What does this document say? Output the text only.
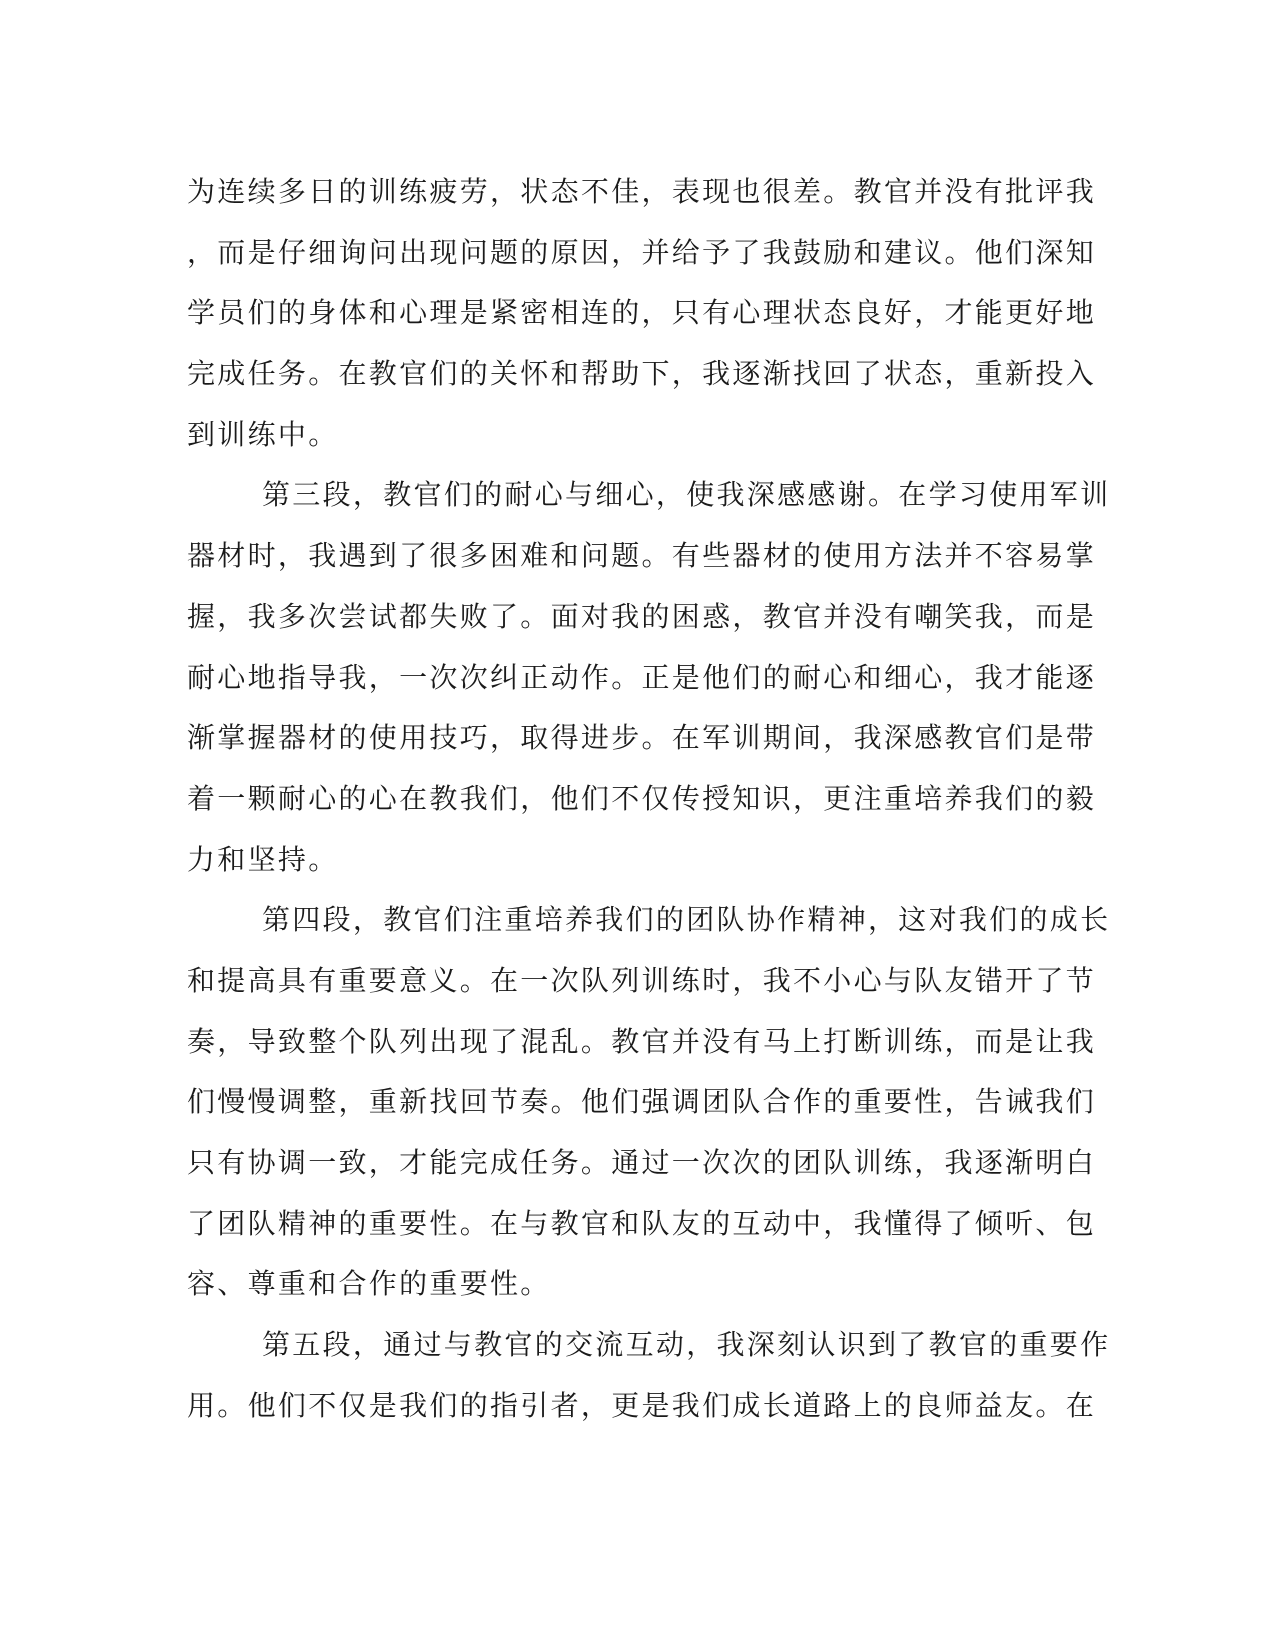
为连续多日的训练疲劳，状态不佳，表现也很差。教官并没有批评我
，而是仔细询问出现问题的原因，并给予了我鼓励和建议。他们深知
学员们的身体和心理是紧密相连的，只有心理状态良好，才能更好地
完成任务。在教官们的关怀和帮助下，我逐渐找回了状态，重新投入
到训练中。
第三段，教官们的耐心与细心，使我深感感谢。在学习使用军训
器材时，我遇到了很多困难和问题。有些器材的使用方法并不容易掌
握，我多次尝试都失败了。面对我的困惑，教官并没有嘲笑我，而是
耐心地指导我，一次次纠正动作。正是他们的耐心和细心，我才能逐
渐掌握器材的使用技巧，取得进步。在军训期间，我深感教官们是带
着一颗耐心的心在教我们，他们不仅传授知识，更注重培养我们的毅
力和坚持。
第四段，教官们注重培养我们的团队协作精神，这对我们的成长
和提高具有重要意义。在一次队列训练时，我不小心与队友错开了节
奏，导致整个队列出现了混乱。教官并没有马上打断训练，而是让我
们慢慢调整，重新找回节奏。他们强调团队合作的重要性，告诫我们
只有协调一致，才能完成任务。通过一次次的团队训练，我逐渐明白
了团队精神的重要性。在与教官和队友的互动中，我懂得了倾听、包
容、尊重和合作的重要性。
第五段，通过与教官的交流互动，我深刻认识到了教官的重要作
用。他们不仅是我们的指引者，更是我们成长道路上的良师益友。在
